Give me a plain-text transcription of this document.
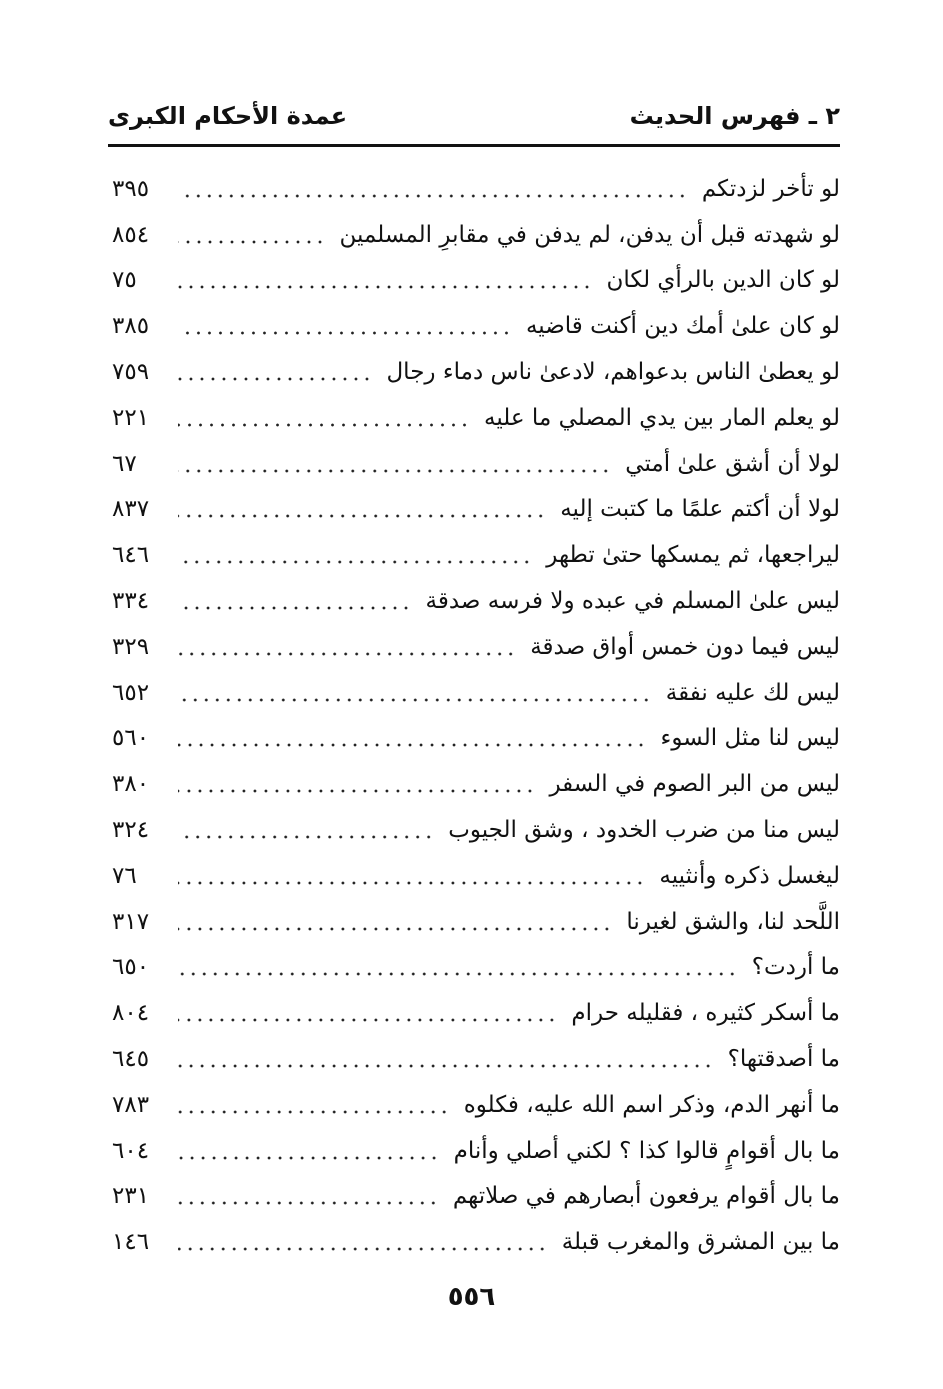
٢ ـ فهرس الحديث
عمدة الأحكام الكبرى
لو تأخر لزدتكم
٣٩٥
لو شهدته قبل أن يدفن، لم يدفن في مقابرِ المسلمين
٨٥٤
لو كان الدين بالرأي لكان
٧٥
لو كان علىٰ أمك دين أكنت قاضيه
٣٨٥
لو يعطىٰ الناس بدعواهم، لادعىٰ ناس دماء رجال
٧٥٩
لو يعلم المار بين يدي المصلي ما عليه
٢٢١
لولا أن أشق علىٰ أمتي
٦٧
لولا أن أكتم علمًا ما كتبت إليه
٨٣٧
ليراجعها، ثم يمسكها حتىٰ تطهر
٦٤٦
ليس علىٰ المسلم في عبده ولا فرسه صدقة
٣٣٤
ليس فيما دون خمس أواق صدقة
٣٢٩
ليس لك عليه نفقة
٦٥٢
ليس لنا مثل السوء
٥٦٠
ليس من البر الصوم في السفر
٣٨٠
ليس منا من ضرب الخدود ، وشق الجيوب
٣٢٤
ليغسل ذكره وأنثييه
٧٦
اللَّحد لنا، والشق لغيرنا
٣١٧
ما أردت؟
٦٥٠
ما أسكر كثيره ، فقليله حرام
٨٠٤
ما أصدقتها؟
٦٤٥
ما أنهر الدم، وذكر اسم الله عليه، فكلوه
٧٨٣
ما بال أقوامٍ قالوا كذا ؟ لكني أصلي وأنام
٦٠٤
ما بال أقوام يرفعون أبصارهم في صلاتهم
٢٣١
ما بين المشرق والمغرب قبلة
١٤٦
٥٥٦
